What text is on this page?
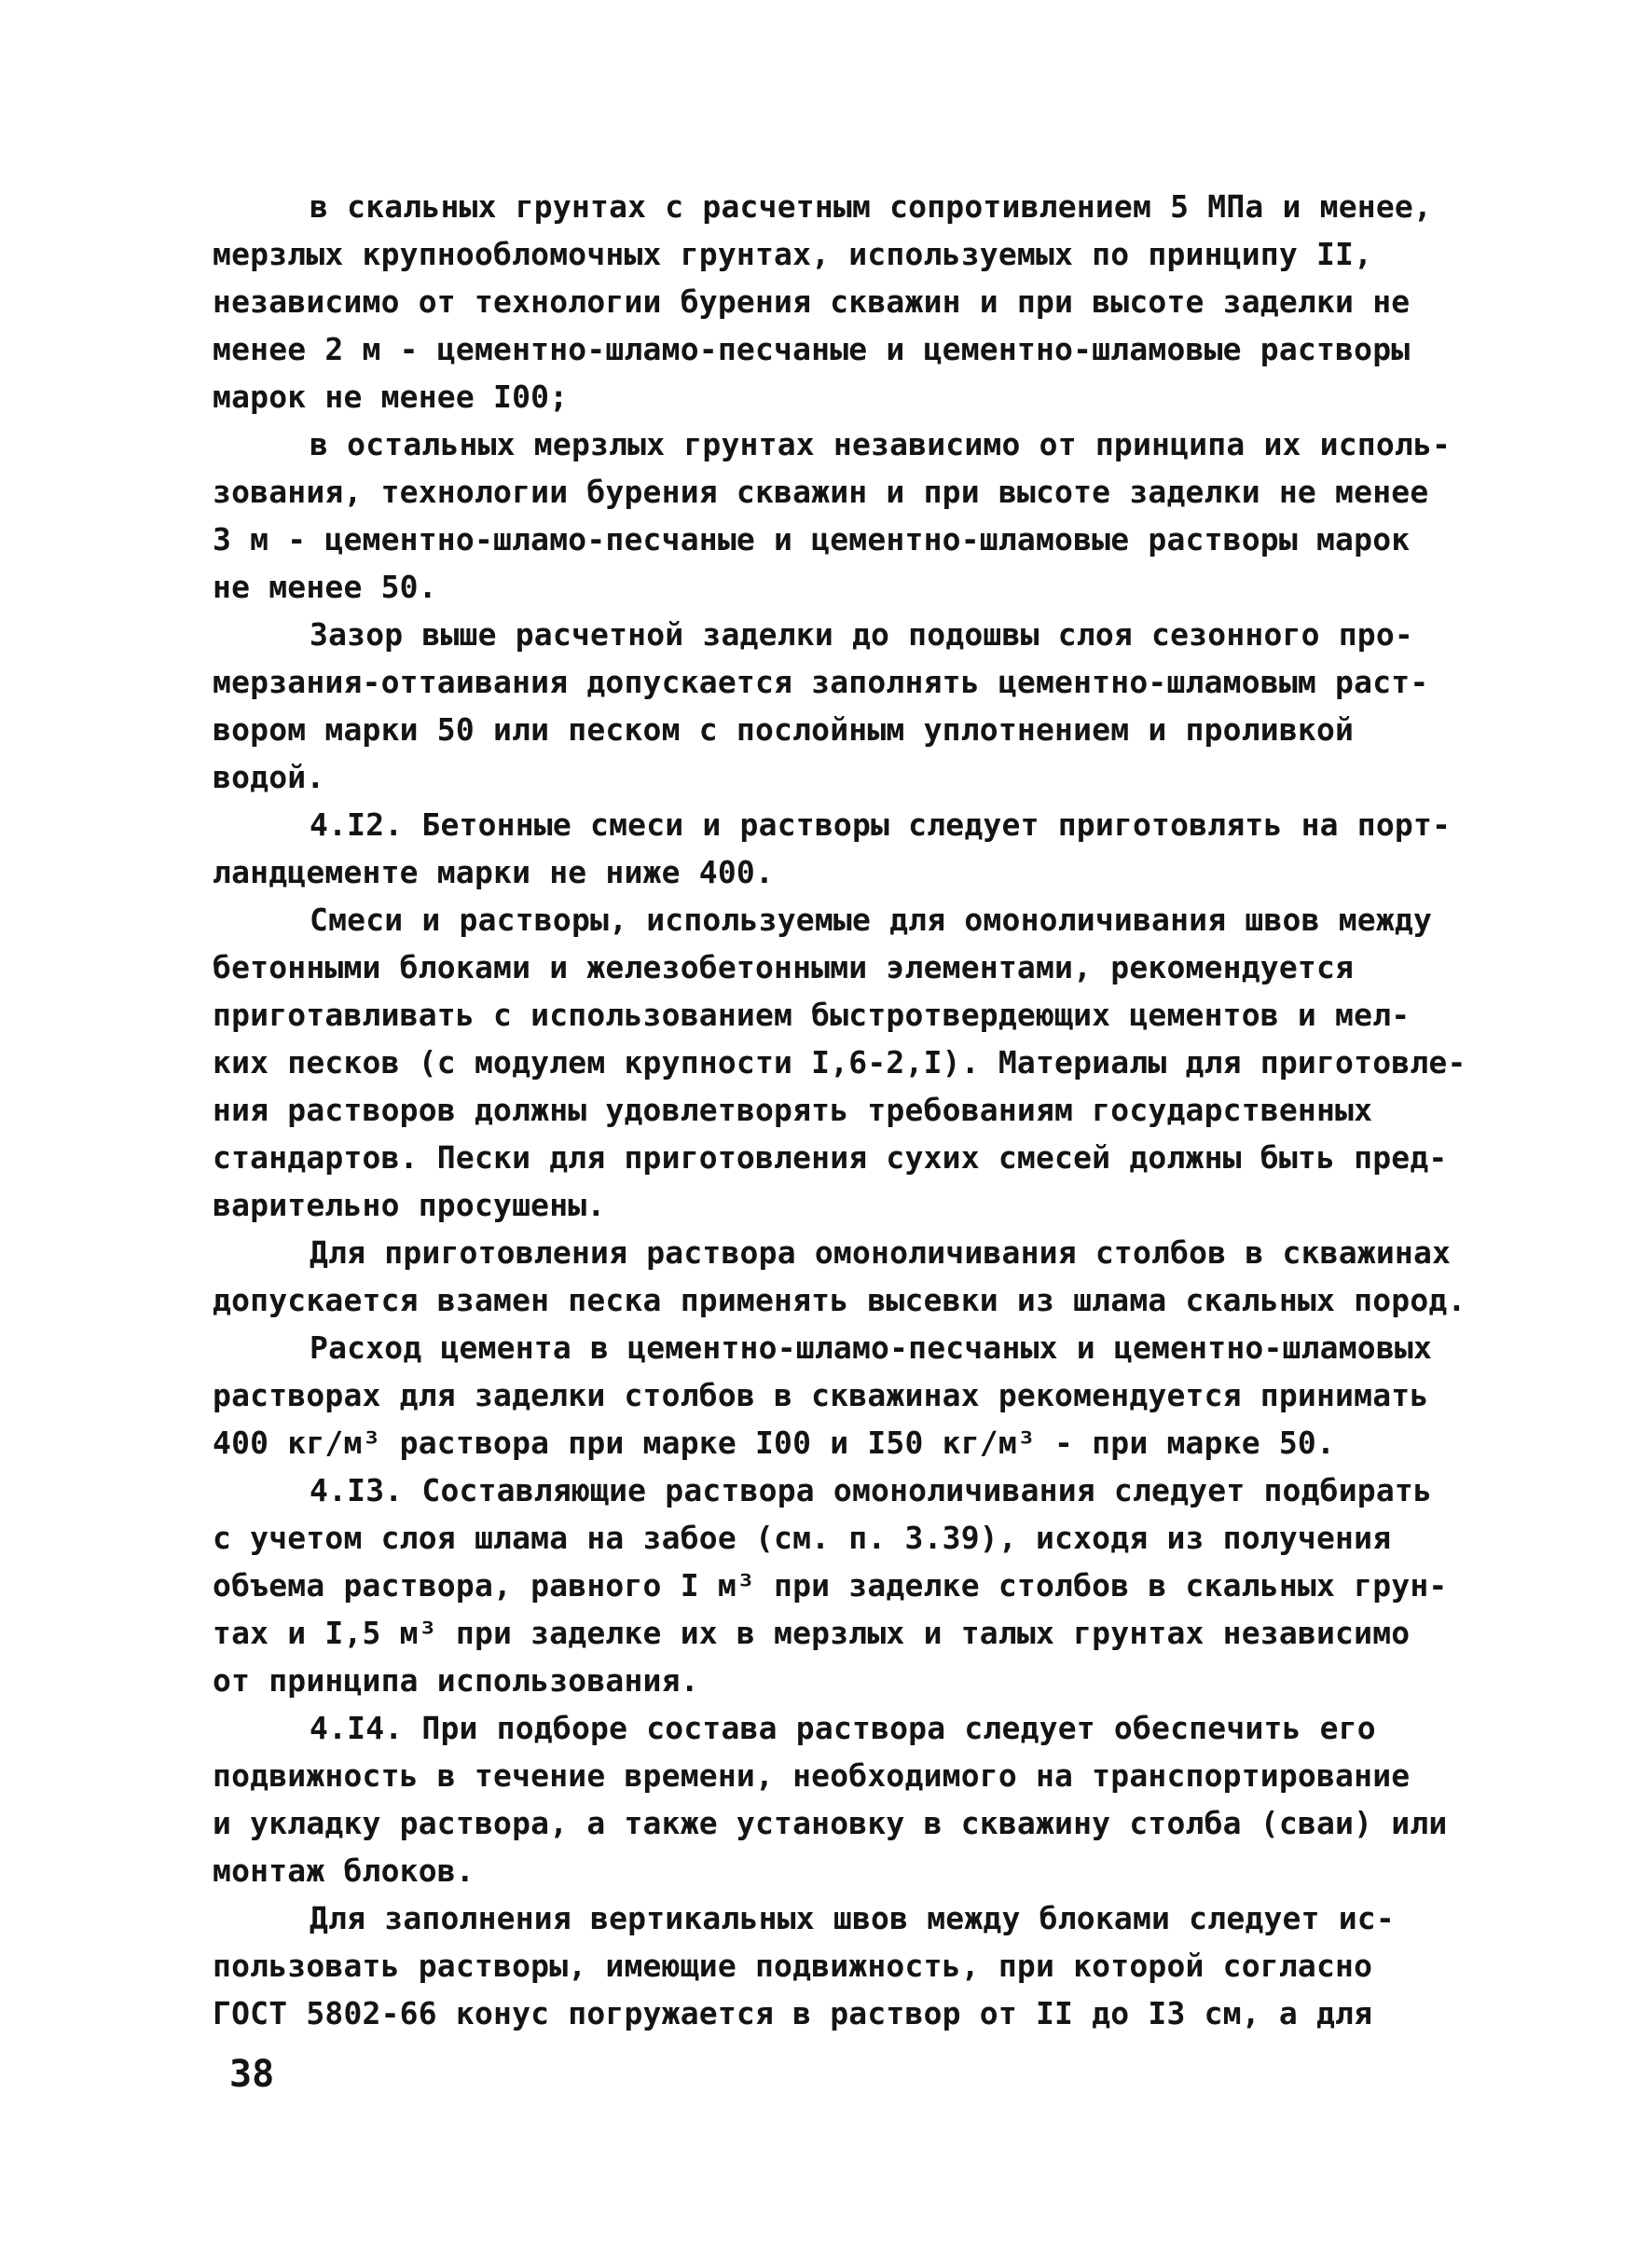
в скальных грунтах с расчетным сопротивлением 5 МПа и менее,
мерзлых крупнообломочных грунтах, используемых по принципу II,
независимо от технологии бурения скважин и при высоте заделки не
менее 2 м - цементно-шламо-песчаные и цементно-шламовые растворы
марок не менее I00;
в остальных мерзлых грунтах независимо от принципа их исполь-
зования, технологии бурения скважин и при высоте заделки не менее
3 м - цементно-шламо-песчаные и цементно-шламовые растворы марок
не менее 50.
Зазор выше расчетной заделки до подошвы слоя сезонного про-
мерзания-оттаивания допускается заполнять цементно-шламовым раст-
вором марки 50 или песком с послойным уплотнением и проливкой
водой.
4.I2. Бетонные смеси и растворы следует приготовлять на порт-
ландцементе марки не ниже 400.
Смеси и растворы, используемые для омоноличивания швов между
бетонными блоками и железобетонными элементами, рекомендуется
приготавливать с использованием быстротвердеющих цементов и мел-
ких песков (с модулем крупности I,6-2,I). Материалы для приготовле-
ния растворов должны удовлетворять требованиям государственных
стандартов. Пески для приготовления сухих смесей должны быть пред-
варительно просушены.
Для приготовления раствора омоноличивания столбов в скважинах
допускается взамен песка применять высевки из шлама скальных пород.
Расход цемента в цементно-шламо-песчаных и цементно-шламовых
растворах для заделки столбов в скважинах рекомендуется принимать
400 кг/м³ раствора при марке I00 и I50 кг/м³ - при марке 50.
4.I3. Составляющие раствора омоноличивания следует подбирать
с учетом слоя шлама на забое (см. п. 3.39), исходя из получения
объема раствора, равного I м³ при заделке столбов в скальных грун-
тах и I,5 м³ при заделке их в мерзлых и талых грунтах независимо
от принципа использования.
4.I4. При подборе состава раствора следует обеспечить его
подвижность в течение времени, необходимого на транспортирование
и укладку раствора, а также установку в скважину столба (сваи) или
монтаж блоков.
Для заполнения вертикальных швов между блоками следует ис-
пользовать растворы, имеющие подвижность, при которой согласно
ГОСТ 5802-66 конус погружается в раствор от II до I3 см, а для
38
